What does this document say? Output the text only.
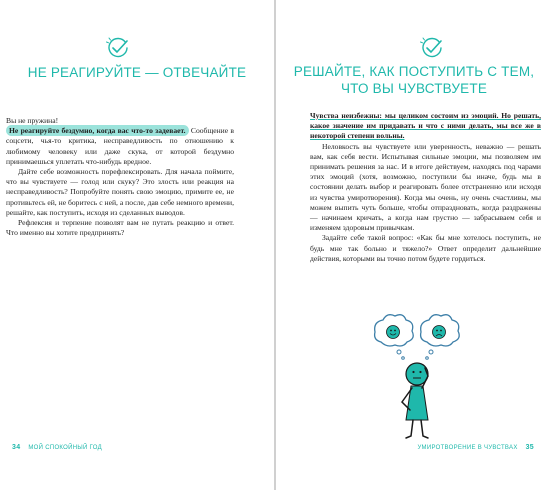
НЕ РЕАГИРУЙТЕ — ОТВЕЧАЙТЕ

Вы не пружина!

Не реагируйте бездумно, когда вас что-то задевает. Сообщение в соцсети, чья-то критика, несправедливость по отношению к любимому человеку или даже скука, от которой бездумно принимаешься уплетать что-нибудь вредное.

Дайте себе возможность порефлексировать. Для начала поймите, что вы чувствуете — голод или скуку? Это злость или реакция на несправедливость? Попробуйте понять свою эмоцию, примите ее, не противьтесь ей, не боритесь с ней, а после, дав себе немного времени, решайте, как поступить, исходя из сделанных выводов.

Рефлексия и терпение позволят вам не путать реакцию и ответ. Что именно вы хотите предпринять?

34 МОЙ СПОКОЙНЫЙ ГОД
РЕШАЙТЕ, КАК ПОСТУПИТЬ С ТЕМ,
ЧТО ВЫ ЧУВСТВУЕТЕ

Чувства неизбежны: мы целиком состоим из эмоций. Но решать, какое значение им придавать и что с ними делать, мы все же в некоторой степени вольны.

Неловкость вы чувствуете или уверенность, неважно — решать вам, как себя вести. Испытывая сильные эмоции, мы позволяем им принимать решения за нас. И в итоге действуем, находясь под чарами этих эмоций (хотя, возможно, поступили бы иначе, будь мы в состоянии делать выбор и реагировать более отстраненно или исходя из чувства умиротворения). Когда мы очень, ну очень счастливы, мы можем выпить чуть больше, чтобы отпраздновать, когда раздражены — начинаем кричать, а когда нам грустно — забрасываем себя и изменяем здоровым привычкам.

Задайте себе такой вопрос: «Как бы мне хотелось поступить, не будь мне так больно и тяжело?» Ответ определит дальнейшие действия, которыми вы точно потом будете гордиться.

УМИРОТВОРЕНИЕ В ЧУВСТВАХ 35
